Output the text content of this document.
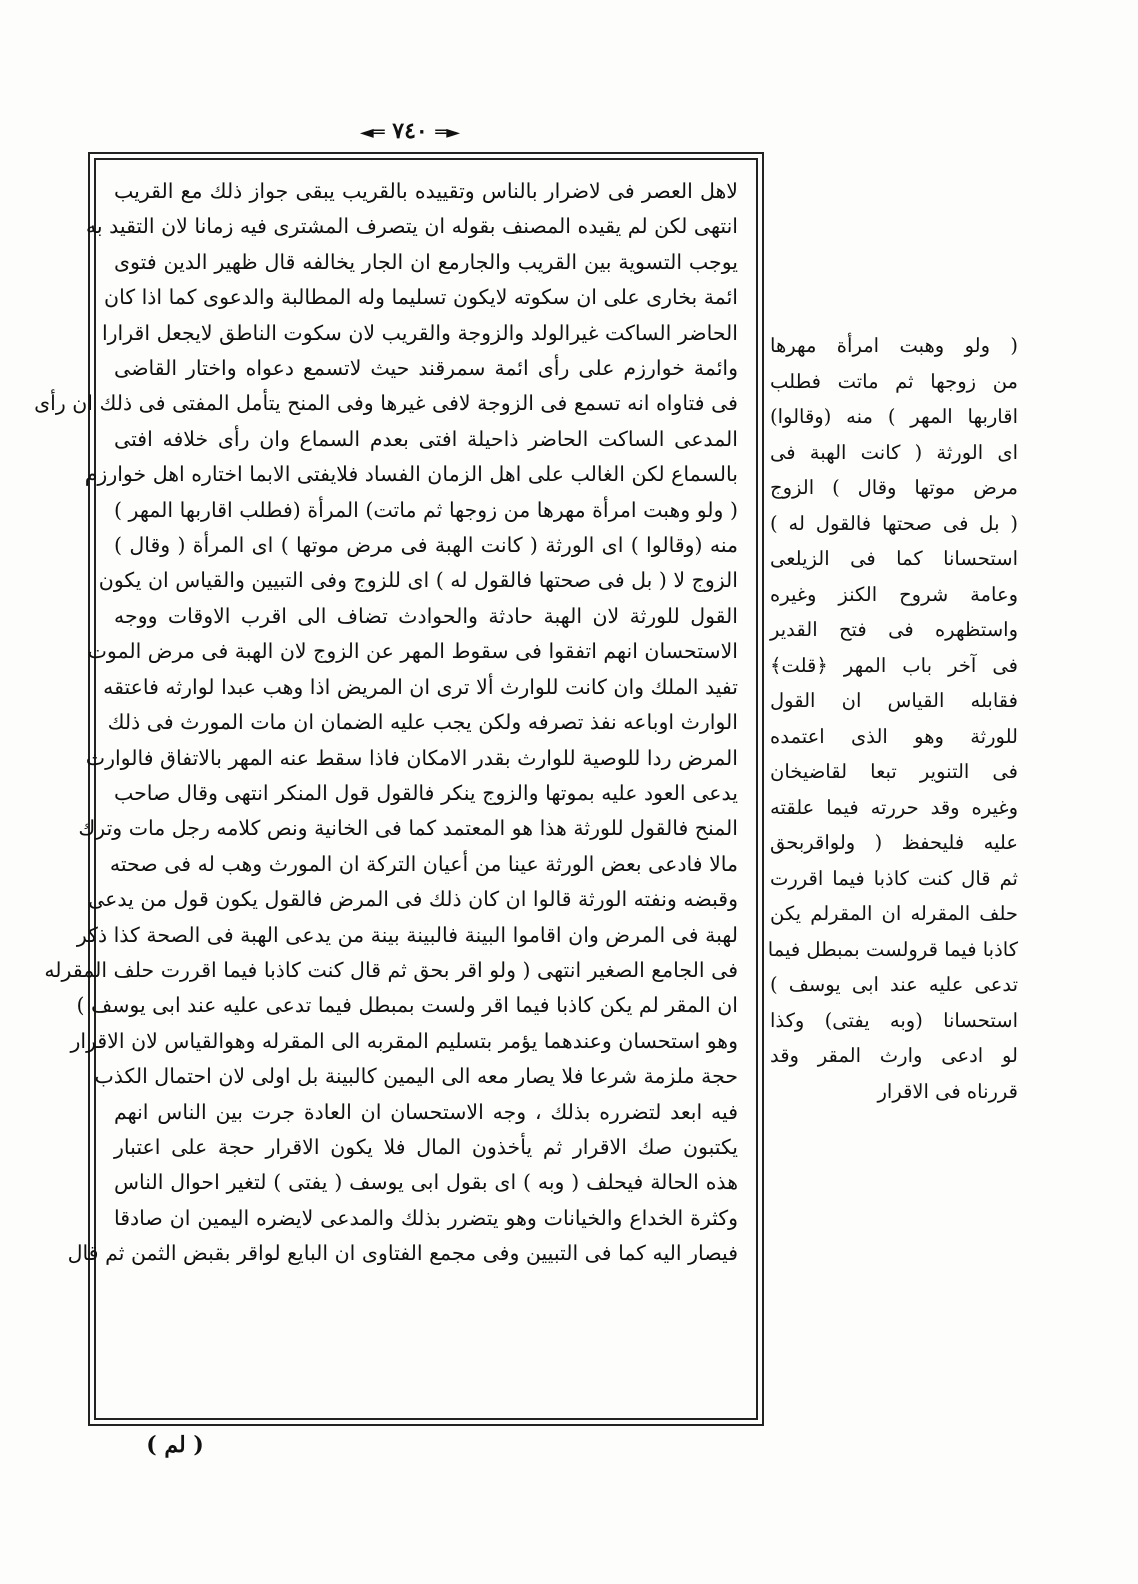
◄═ ٧٤٠ ═►

لاهل العصر فى لاضرار بالناس وتقييده بالقريب يبقى جواز ذلك مع القريب

انتهى لكن لم يقيده المصنف بقوله ان يتصرف المشترى فيه زمانا لان التقيد به

يوجب التسوية بين القريب والجارمع ان الجار يخالفه قال ظهير الدين فتوى

ائمة بخارى على ان سكوته لايكون تسليما وله المطالبة والدعوى كما اذا كان

الحاضر الساكت غيرالولد والزوجة والقريب لان سكوت الناطق لايجعل اقرارا

وائمة خوارزم على رأى ائمة سمرقند حيث لاتسمع دعواه واختار القاضى

فى فتاواه انه تسمع فى الزوجة لافى غيرها وفى المنح يتأمل المفتى فى ذلك ان رأى

المدعى الساكت الحاضر ذاحيلة افتى بعدم السماع وان رأى خلافه افتى

بالسماع لكن الغالب على اهل الزمان الفساد فلايفتى الابما اختاره اهل خوارزم

( ولو وهبت امرأة مهرها من زوجها ثم ماتت) المرأة (فطلب اقاربها المهر )

منه (وقالوا ) اى الورثة ( كانت الهبة فى مرض موتها ) اى المرأة ( وقال )

الزوج لا ( بل فى صحتها فالقول له ) اى للزوج وفى التبيين والقياس ان يكون

القول للورثة لان الهبة حادثة والحوادث تضاف الى اقرب الاوقات ووجه

الاستحسان انهم اتفقوا فى سقوط المهر عن الزوج لان الهبة فى مرض الموت

تفيد الملك وان كانت للوارث ألا ترى ان المريض اذا وهب عبدا لوارثه فاعتقه

الوارث اوباعه نفذ تصرفه ولكن يجب عليه الضمان ان مات المورث فى ذلك

المرض ردا للوصية للوارث بقدر الامكان فاذا سقط عنه المهر بالاتفاق فالوارث

يدعى العود عليه بموتها والزوج ينكر فالقول قول المنكر انتهى وقال صاحب

المنح فالقول للورثة هذا هو المعتمد كما فى الخانية ونص كلامه رجل مات وترك

مالا فادعى بعض الورثة عينا من أعيان التركة ان المورث وهب له فى صحته

وقبضه ونفته الورثة قالوا ان كان ذلك فى المرض فالقول يكون قول من يدعى

لهبة فى المرض وان اقاموا البينة فالبينة بينة من يدعى الهبة فى الصحة كذا ذكر

فى الجامع الصغير انتهى ( ولو اقر بحق ثم قال كنت كاذبا فيما اقررت حلف المقرله

ان المقر لم يكن كاذبا فيما اقر ولست بمبطل فيما تدعى عليه عند ابى يوسف )

وهو استحسان وعندهما يؤمر بتسليم المقربه الى المقرله وهوالقياس لان الاقرار

حجة ملزمة شرعا فلا يصار معه الى اليمين كالبينة بل اولى لان احتمال الكذب

فيه ابعد لتضرره بذلك ، وجه الاستحسان ان العادة جرت بين الناس انهم

يكتبون صك الاقرار ثم يأخذون المال فلا يكون الاقرار حجة على اعتبار

هذه الحالة فيحلف ( وبه ) اى بقول ابى يوسف ( يفتى ) لتغير احوال الناس

وكثرة الخداع والخيانات وهو يتضرر بذلك والمدعى لايضره اليمين ان صادقا

فيصار اليه كما فى التبيين وفى مجمع الفتاوى ان البايع لواقر بقبض الثمن ثم قال

( ولو وهبت امرأة مهرها

من زوجها ثم ماتت فطلب

اقاربها المهر ) منه (وقالوا)

اى الورثة ( كانت الهبة فى

مرض موتها وقال ) الزوج

( بل فى صحتها فالقول له )

استحسانا كما فى الزيلعى

وعامة شروح الكنز وغيره

واستظهره فى فتح القدير

فى آخر باب المهر ﴿قلت﴾

فقابله القياس ان القول

للورثة وهو الذى اعتمده

فى التنوير تبعا لقاضيخان

وغيره وقد حررته فيما علقته

عليه فليحفظ ( ولواقربحق

ثم قال كنت كاذبا فيما اقررت

حلف المقرله ان المقرلم يكن

كاذبا فيما قرولست بمبطل فيما

تدعى عليه عند ابى يوسف )

استحسانا (وبه يفتى) وكذا

لو ادعى وارث المقر وقد

قررناه فى الاقرار

( لم )
